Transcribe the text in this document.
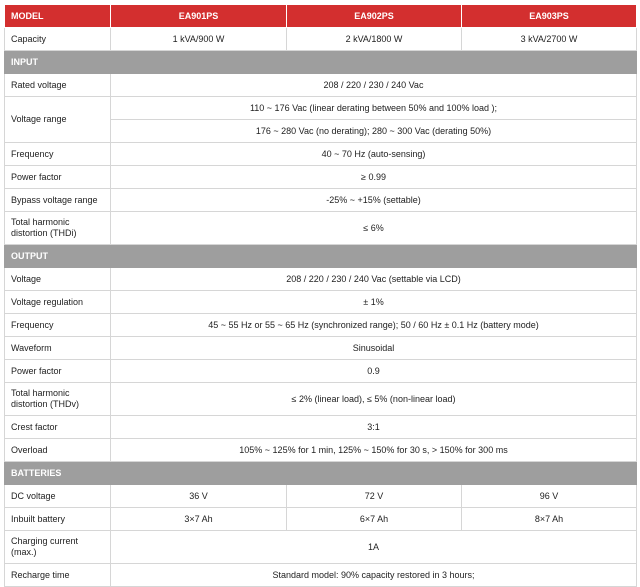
MODEL	EA901PS	EA902PS	EA903PS
Capacity	1 kVA/900 W	2 kVA/1800 W	3 kVA/2700 W
INPUT			
Rated voltage	208 / 220 / 230 / 240 Vac		
Voltage range	110 ~ 176 Vac (linear derating between 50% and 100% load );		
	176 ~ 280 Vac (no derating); 280 ~ 300 Vac (derating 50%)		
Frequency	40 ~ 70 Hz (auto-sensing)		
Power factor	≥ 0.99		
Bypass voltage range	-25% ~ +15% (settable)		
Total harmonic distortion (THDi)	≤ 6%		
OUTPUT			
Voltage	208 / 220 / 230 / 240 Vac (settable via LCD)		
Voltage regulation	± 1%		
Frequency	45 ~ 55 Hz or 55 ~ 65 Hz (synchronized range); 50 / 60 Hz ± 0.1 Hz (battery mode)		
Waveform	Sinusoidal		
Power factor	0.9		
Total harmonic distortion (THDv)	≤ 2% (linear load), ≤ 5% (non-linear load)		
Crest factor	3:1		
Overload	105% ~ 125% for 1 min, 125% ~ 150% for 30 s, > 150% for 300 ms		
BATTERIES			
DC voltage	36 V	72 V	96 V
Inbuilt battery	3×7 Ah	6×7 Ah	8×7 Ah
Charging current (max.)	1A		
Recharge time	Standard model: 90% capacity restored in 3 hours;		
